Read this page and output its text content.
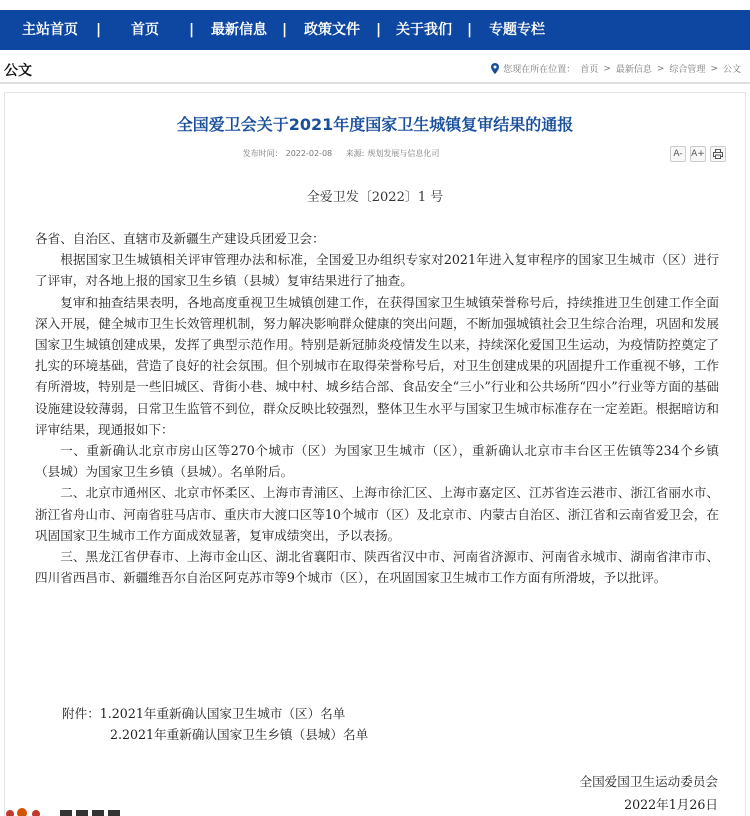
主站首页 | 首页 | 最新信息 | 政策文件 | 关于我们 | 专题专栏
公文	您现在所在位置： 首页 > 最新信息 > 综合管理 > 公文
全国爱卫会关于2021年度国家卫生城镇复审结果的通报
发布时间： 2022-02-08 来源: 规划发展与信息化司	A- A+
全爱卫发〔2022〕1 号

各省、自治区、直辖市及新疆生产建设兵团爱卫会：

根据国家卫生城镇相关评审管理办法和标准，全国爱卫办组织专家对2021年进入复审程序的国家卫生城市（区）进行了评审，对各地上报的国家卫生乡镇（县城）复审结果进行了抽查。

复审和抽查结果表明，各地高度重视卫生城镇创建工作，在获得国家卫生城镇荣誉称号后，持续推进卫生创建工作全面深入开展，健全城市卫生长效管理机制，努力解决影响群众健康的突出问题，不断加强城镇社会卫生综合治理，巩固和发展国家卫生城镇创建成果，发挥了典型示范作用。特别是新冠肺炎疫情发生以来，持续深化爱国卫生运动，为疫情防控奠定了扎实的环境基础，营造了良好的社会氛围。但个别城市在取得荣誉称号后，对卫生创建成果的巩固提升工作重视不够，工作有所滑坡，特别是一些旧城区、背街小巷、城中村、城乡结合部、食品安全“三小”行业和公共场所“四小”行业等方面的基础设施建设较薄弱，日常卫生监管不到位，群众反映比较强烈，整体卫生水平与国家卫生城市标准存在一定差距。根据暗访和评审结果，现通报如下：

一、重新确认北京市房山区等270个城市（区）为国家卫生城市（区），重新确认北京市丰台区王佐镇等234个乡镇（县城）为国家卫生乡镇（县城）。名单附后。

二、北京市通州区、北京市怀柔区、上海市青浦区、上海市徐汇区、上海市嘉定区、江苏省连云港市、浙江省丽水市、浙江省舟山市、河南省驻马店市、重庆市大渡口区等10个城市（区）及北京市、内蒙古自治区、浙江省和云南省爱卫会，在巩固国家卫生城市工作方面成效显著，复审成绩突出，予以表扬。

三、黑龙江省伊春市、上海市金山区、湖北省襄阳市、陕西省汉中市、河南省济源市、河南省永城市、湖南省津市市、四川省西昌市、新疆维吾尔自治区阿克苏市等9个城市（区），在巩固国家卫生城市工作方面有所滑坡，予以批评。

附件：1.2021年重新确认国家卫生城市（区）名单
2.2021年重新确认国家卫生乡镇（县城）名单
全国爱国卫生运动委员会
2022年1月26日
